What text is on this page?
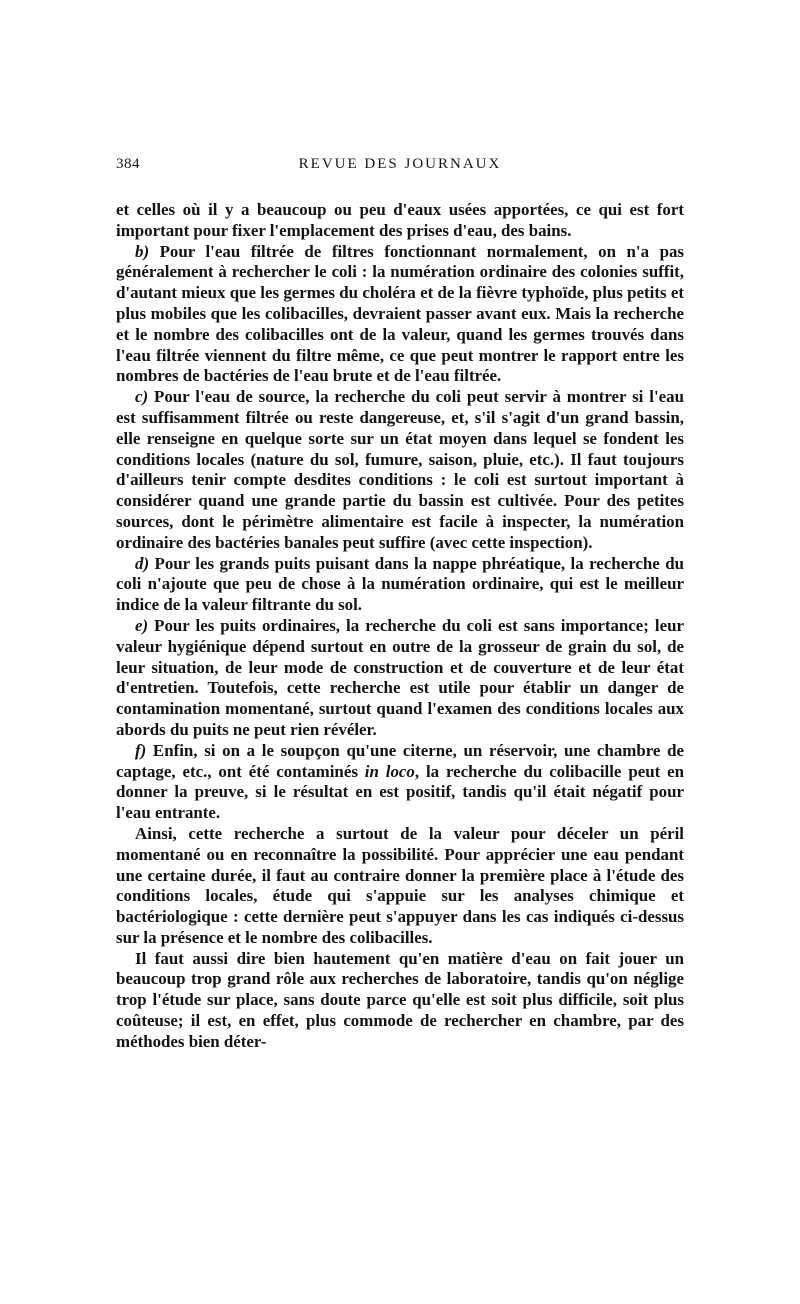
384	REVUE DES JOURNAUX

et celles où il y a beaucoup ou peu d'eaux usées apportées, ce qui est fort important pour fixer l'emplacement des prises d'eau, des bains.

b) Pour l'eau filtrée de filtres fonctionnant normalement, on n'a pas généralement à rechercher le coli : la numération ordinaire des colonies suffit, d'autant mieux que les germes du choléra et de la fièvre typhoïde, plus petits et plus mobiles que les colibacilles, devraient passer avant eux. Mais la recherche et le nombre des colibacilles ont de la valeur, quand les germes trouvés dans l'eau filtrée viennent du filtre même, ce que peut montrer le rapport entre les nombres de bactéries de l'eau brute et de l'eau filtrée.

c) Pour l'eau de source, la recherche du coli peut servir à montrer si l'eau est suffisamment filtrée ou reste dangereuse, et, s'il s'agit d'un grand bassin, elle renseigne en quelque sorte sur un état moyen dans lequel se fondent les conditions locales (nature du sol, fumure, saison, pluie, etc.). Il faut toujours d'ailleurs tenir compte desdites conditions : le coli est surtout important à considérer quand une grande partie du bassin est cultivée. Pour des petites sources, dont le périmètre alimentaire est facile à inspecter, la numération ordinaire des bactéries banales peut suffire (avec cette inspection).

d) Pour les grands puits puisant dans la nappe phréatique, la recherche du coli n'ajoute que peu de chose à la numération ordinaire, qui est le meilleur indice de la valeur filtrante du sol.

e) Pour les puits ordinaires, la recherche du coli est sans importance; leur valeur hygiénique dépend surtout en outre de la grosseur de grain du sol, de leur situation, de leur mode de construction et de couverture et de leur état d'entretien. Toutefois, cette recherche est utile pour établir un danger de contamination momentané, surtout quand l'examen des conditions locales aux abords du puits ne peut rien révéler.

f) Enfin, si on a le soupçon qu'une citerne, un réservoir, une chambre de captage, etc., ont été contaminés in loco, la recherche du colibacille peut en donner la preuve, si le résultat en est positif, tandis qu'il était négatif pour l'eau entrante.

Ainsi, cette recherche a surtout de la valeur pour déceler un péril momentané ou en reconnaître la possibilité. Pour apprécier une eau pendant une certaine durée, il faut au contraire donner la première place à l'étude des conditions locales, étude qui s'appuie sur les analyses chimique et bactériologique : cette dernière peut s'appuyer dans les cas indiqués ci-dessus sur la présence et le nombre des colibacilles.

Il faut aussi dire bien hautement qu'en matière d'eau on fait jouer un beaucoup trop grand rôle aux recherches de laboratoire, tandis qu'on néglige trop l'étude sur place, sans doute parce qu'elle est soit plus difficile, soit plus coûteuse; il est, en effet, plus commode de rechercher en chambre, par des méthodes bien déter-
